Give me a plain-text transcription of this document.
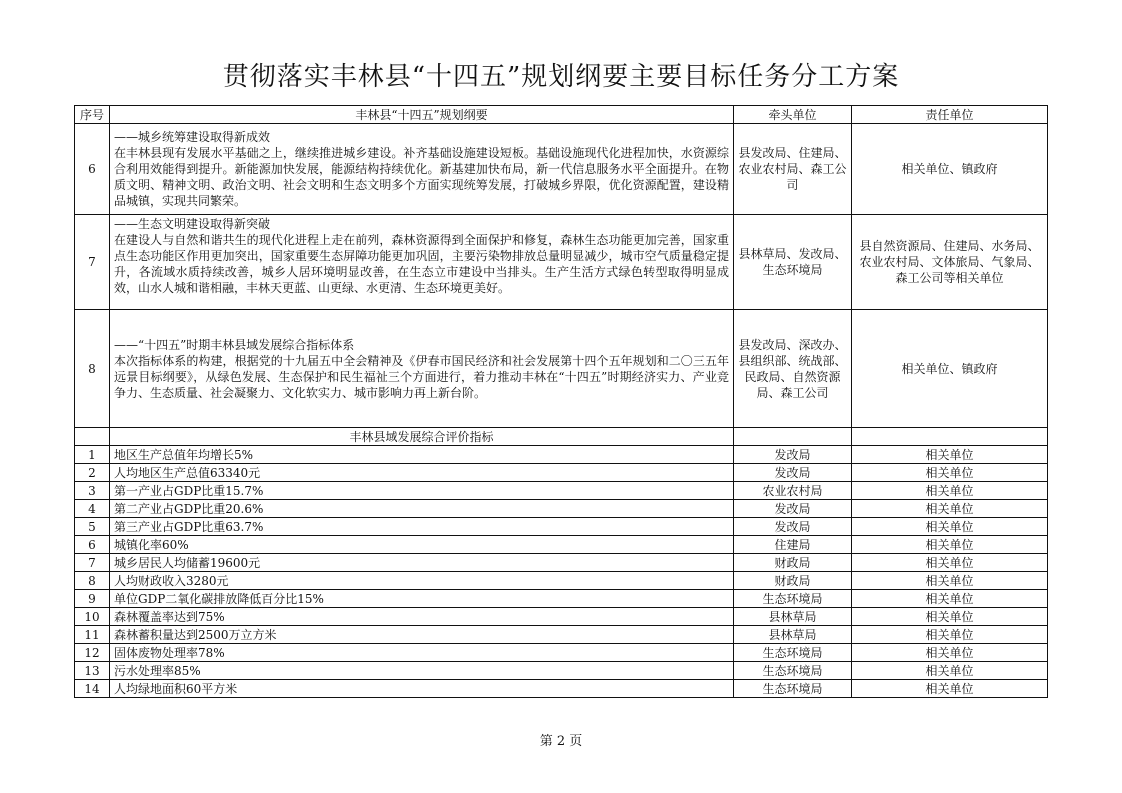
贯彻落实丰林县“十四五”规划纲要主要目标任务分工方案
序号	丰林县“十四五”规划纲要	牵头单位	责任单位
6	——城乡统筹建设取得新成效
在丰林县现有发展水平基础之上，继续推进城乡建设。补齐基础设施建设短板。基础设施现代化进程加快，水资源综合利用效能得到提升。新能源加快发展，能源结构持续优化。新基建加快布局，新一代信息服务水平全面提升。在物质文明、精神文明、政治文明、社会文明和生态文明多个方面实现统筹发展，打破城乡界限，优化资源配置，建设精品城镇，实现共同繁荣。	县发改局、住建局、农业农村局、森工公司	相关单位、镇政府
7	——生态文明建设取得新突破
在建设人与自然和谐共生的现代化进程上走在前列，森林资源得到全面保护和修复，森林生态功能更加完善，国家重点生态功能区作用更加突出，国家重要生态屏障功能更加巩固，主要污染物排放总量明显减少，城市空气质量稳定提升，各流域水质持续改善，城乡人居环境明显改善，在生态立市建设中当排头。生产生活方式绿色转型取得明显成效，山水人城和谐相融，丰林天更蓝、山更绿、水更清、生态环境更美好。	县林草局、发改局、生态环境局	县自然资源局、住建局、水务局、农业农村局、文体旅局、气象局、森工公司等相关单位
8	——“十四五”时期丰林县域发展综合指标体系
本次指标体系的构建，根据党的十九届五中全会精神及《伊春市国民经济和社会发展第十四个五年规划和二〇三五年远景目标纲要》，从绿色发展、生态保护和民生福祉三个方面进行，着力推动丰林在“十四五”时期经济实力、产业竞争力、生态质量、社会凝聚力、文化软实力、城市影响力再上新台阶。	县发改局、深改办、县组织部、统战部、民政局、自然资源局、森工公司	相关单位、镇政府
	丰林县域发展综合评价指标		
1	地区生产总值年均增长5%	发改局	相关单位
2	人均地区生产总值63340元	发改局	相关单位
3	第一产业占GDP比重15.7%	农业农村局	相关单位
4	第二产业占GDP比重20.6%	发改局	相关单位
5	第三产业占GDP比重63.7%	发改局	相关单位
6	城镇化率60%	住建局	相关单位
7	城乡居民人均储蓄19600元	财政局	相关单位
8	人均财政收入3280元	财政局	相关单位
9	单位GDP二氧化碳排放降低百分比15%	生态环境局	相关单位
10	森林覆盖率达到75%	县林草局	相关单位
11	森林蓄积量达到2500万立方米	县林草局	相关单位
12	固体废物处理率78%	生态环境局	相关单位
13	污水处理率85%	生态环境局	相关单位
14	人均绿地面积60平方米	生态环境局	相关单位
第 2 页
